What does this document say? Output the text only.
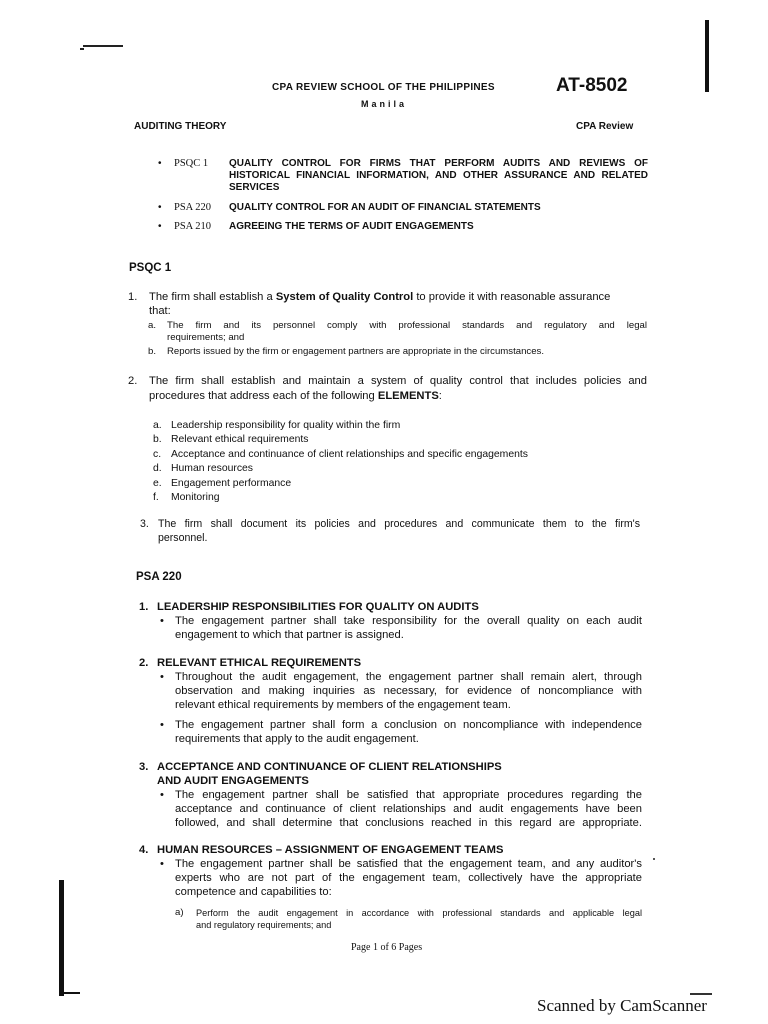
CPA REVIEW SCHOOL OF THE PHILIPPINES
Manila
AT-8502
AUDITING THEORY	CPA Review
• PSQC 1 QUALITY CONTROL FOR FIRMS THAT PERFORM AUDITS AND REVIEWS OF HISTORICAL FINANCIAL INFORMATION, AND OTHER ASSURANCE AND RELATED SERVICES
• PSA 220 QUALITY CONTROL FOR AN AUDIT OF FINANCIAL STATEMENTS
• PSA 210 AGREEING THE TERMS OF AUDIT ENGAGEMENTS
PSQC 1
1. The firm shall establish a System of Quality Control to provide it with reasonable assurance
that:
a. The firm and its personnel comply with professional standards and regulatory and legal
requirements; and
b. Reports issued by the firm or engagement partners are appropriate in the circumstances.
2. The firm shall establish and maintain a system of quality control that includes policies and
procedures that address each of the following ELEMENTS:
a. Leadership responsibility for quality within the firm
b. Relevant ethical requirements
c. Acceptance and continuance of client relationships and specific engagements
d. Human resources
e. Engagement performance
f. Monitoring
3. The firm shall document its policies and procedures and communicate them to the firm's
personnel.
PSA 220
1. LEADERSHIP RESPONSIBILITIES FOR QUALITY ON AUDITS
• The engagement partner shall take responsibility for the overall quality on each audit
engagement to which that partner is assigned.
2. RELEVANT ETHICAL REQUIREMENTS
• Throughout the audit engagement, the engagement partner shall remain alert, through
observation and making inquiries as necessary, for evidence of noncompliance with
relevant ethical requirements by members of the engagement team.
• The engagement partner shall form a conclusion on noncompliance with independence
requirements that apply to the audit engagement.
3. ACCEPTANCE AND CONTINUANCE OF CLIENT RELATIONSHIPS
AND AUDIT ENGAGEMENTS
• The engagement partner shall be satisfied that appropriate procedures regarding the
acceptance and continuance of client relationships and audit engagements have been
followed, and shall determine that conclusions reached in this regard are appropriate.
4. HUMAN RESOURCES – ASSIGNMENT OF ENGAGEMENT TEAMS
• The engagement partner shall be satisfied that the engagement team, and any auditor's
experts who are not part of the engagement team, collectively have the appropriate
competence and capabilities to:
a) Perform the audit engagement in accordance with professional standards and applicable legal
and regulatory requirements; and
Page 1 of 6 Pages
Scanned by CamScanner
